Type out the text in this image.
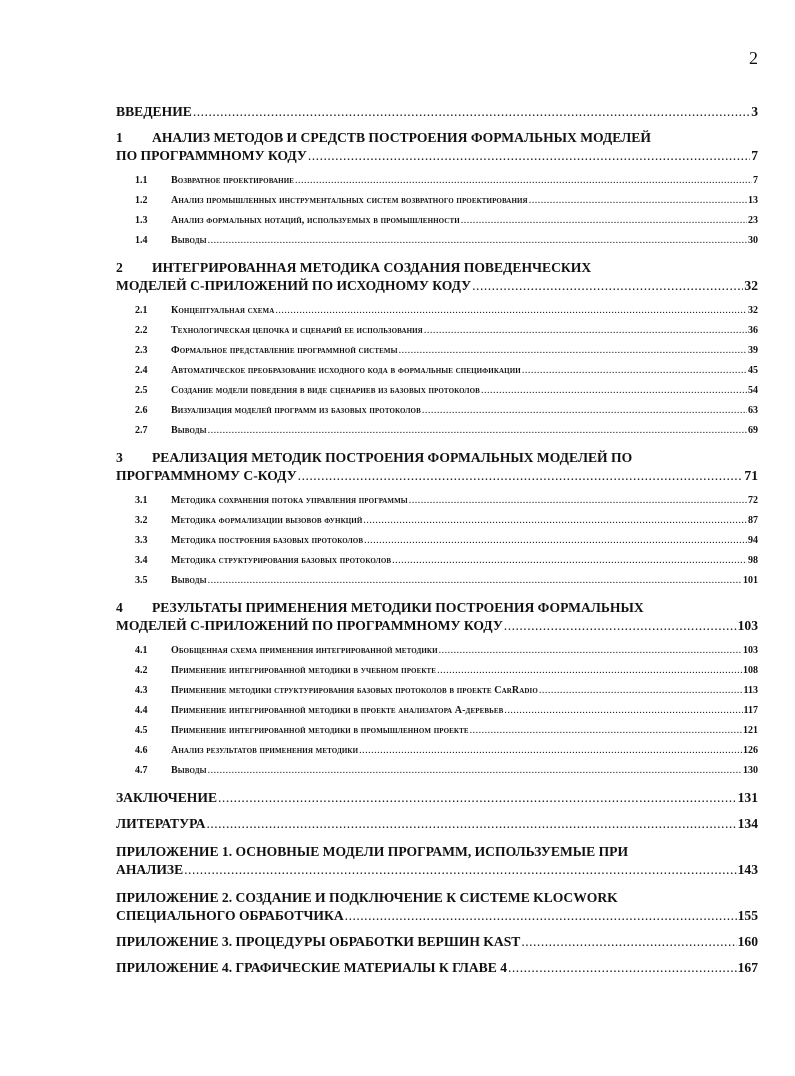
2
ВВЕДЕНИЕ .....	3
1 АНАЛИЗ МЕТОДОВ И СРЕДСТВ ПОСТРОЕНИЯ ФОРМАЛЬНЫХ МОДЕЛЕЙ
ПО ПРОГРАММНОМУ КОДУ .....	7
1.1	Возвратное проектирование .....	7
1.2	Анализ промышленных инструментальных систем возвратного проектирования .....	13
1.3	Анализ формальных нотаций, используемых в промышленности .....	23
1.4	Выводы .....	30
2 ИНТЕГРИРОВАННАЯ МЕТОДИКА СОЗДАНИЯ ПОВЕДЕНЧЕСКИХ
МОДЕЛЕЙ С-ПРИЛОЖЕНИЙ ПО ИСХОДНОМУ КОДУ .....	32
2.1	Концептуальная схема .....	32
2.2	Технологическая цепочка и сценарий ее использования .....	36
2.3	Формальное представление программной системы .....	39
2.4	Автоматическое преобразование исходного кода в формальные спецификации .....	45
2.5	Создание модели поведения в виде сценариев из базовых протоколов .....	54
2.6	Визуализация моделей программ из базовых протоколов .....	63
2.7	Выводы .....	69
3 РЕАЛИЗАЦИЯ МЕТОДИК ПОСТРОЕНИЯ ФОРМАЛЬНЫХ МОДЕЛЕЙ ПО
ПРОГРАММНОМУ С-КОДУ .....	71
3.1	Методика сохранения потока управления программы .....	72
3.2	Методика формализации вызовов функций .....	87
3.3	Методика построения базовых протоколов .....	94
3.4	Методика структурирования базовых протоколов .....	98
3.5	Выводы .....	101
4 РЕЗУЛЬТАТЫ ПРИМЕНЕНИЯ МЕТОДИКИ ПОСТРОЕНИЯ ФОРМАЛЬНЫХ
МОДЕЛЕЙ С-ПРИЛОЖЕНИЙ ПО ПРОГРАММНОМУ КОДУ .....	103
4.1	Обобщенная схема применения интегрированной методики .....	103
4.2	Применение интегрированной методики в учебном проекте .....	108
4.3	Применение методики структурирования базовых протоколов в проекте CarRadio .....	113
4.4	Применение интегрированной методики в проекте анализатора А-деревьев .....	117
4.5	Применение интегрированной методики в промышленном проекте .....	121
4.6	Анализ результатов применения методики .....	126
4.7	Выводы .....	130
ЗАКЛЮЧЕНИЕ .....	131
ЛИТЕРАТУРА .....	134
ПРИЛОЖЕНИЕ 1. ОСНОВНЫЕ МОДЕЛИ ПРОГРАММ, ИСПОЛЬЗУЕМЫЕ ПРИ
АНАЛИЗЕ .....	143
ПРИЛОЖЕНИЕ 2. СОЗДАНИЕ И ПОДКЛЮЧЕНИЕ К СИСТЕМЕ KLOCWORK
СПЕЦИАЛЬНОГО ОБРАБОТЧИКА .....	155
ПРИЛОЖЕНИЕ 3. ПРОЦЕДУРЫ ОБРАБОТКИ ВЕРШИН KAST .....	160
ПРИЛОЖЕНИЕ 4. ГРАФИЧЕСКИЕ МАТЕРИАЛЫ К ГЛАВЕ 4 .....	167
